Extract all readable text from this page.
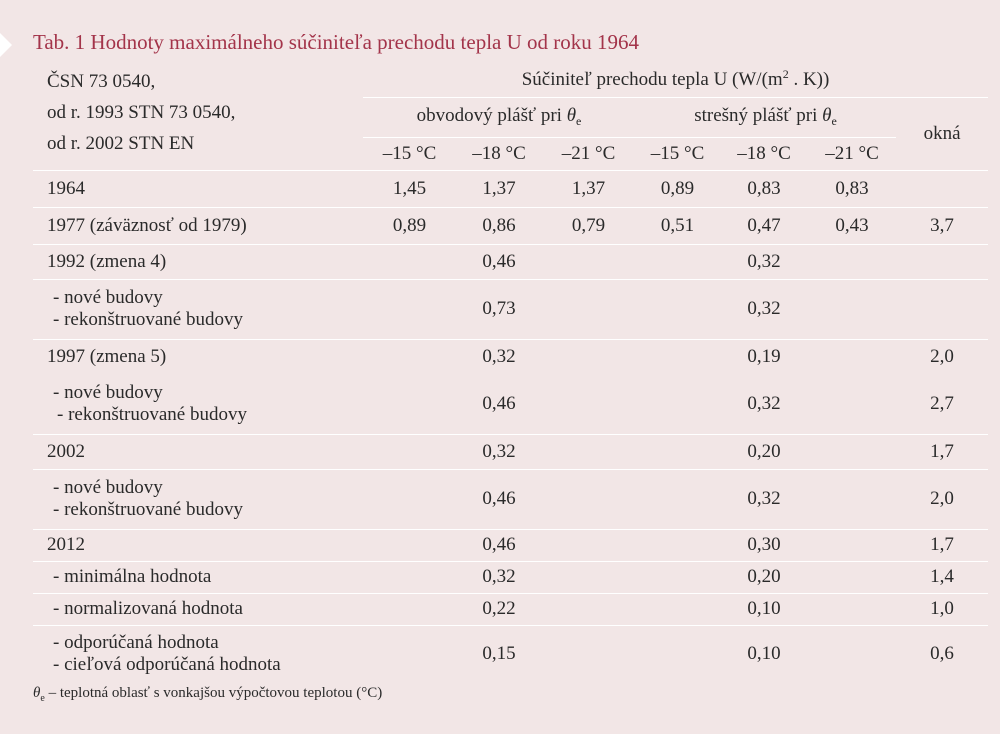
Tab. 1 Hodnoty maximálneho súčiniteľa prechodu tepla U od roku 1964
ČSN 73 0540,
od r. 1993 STN 73 0540,
od r. 2002 STN EN	Súčiniteľ prechodu tepla U ($W/(m^2$ . K))						
	obvodový plášť pri $\theta_e$			strešný plášť pri $\theta_e$			okná
	–15 °C	–18 °C	–21 °C	–15 °C	–18 °C	–21 °C	
1964	1,45	1,37	1,37	0,89	0,83	0,83	
1977 (záväznosť od 1979)	0,89	0,86	0,79	0,51	0,47	0,43	3,7
1992 (zmena 4)		0,46			0,32		

- nové budovy
- rekonštruované budovy		0,73			0,32		

1997 (zmena 5)		0,32			0,19		2,0

- nové budovy
- rekonštruované budovy		0,46			0,32		2,7
2002		0,32			0,20		1,7

- nové budovy
- rekonštruované budovy		0,46			0,32		2,0
2012		0,46			0,30		1,7
- minimálna hodnota		0,32			0,20		1,4
- normalizovaná hodnota		0,22			0,10		1,0

- odporúčaná hodnota
- cieľová odporúčaná hodnota		0,15			0,10		0,6
$\theta_e$ – teplotná oblasť s vonkajšou výpočtovou teplotou (°C)
